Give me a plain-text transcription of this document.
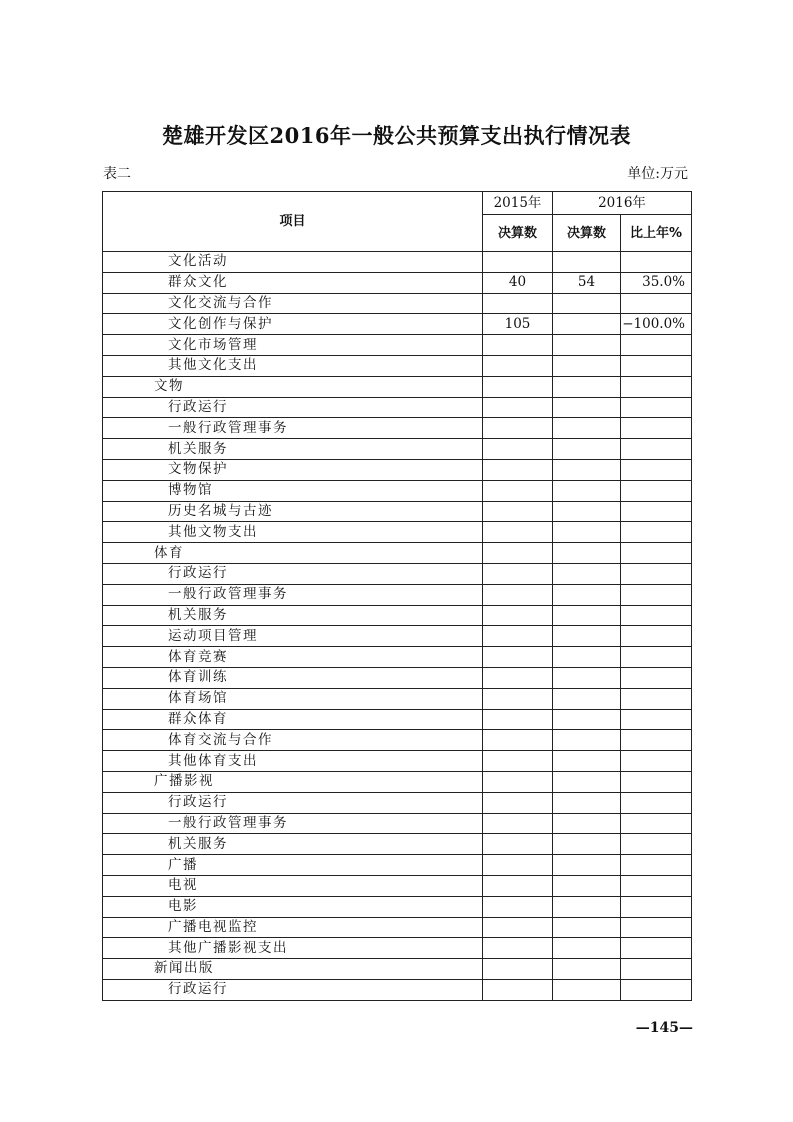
楚雄开发区2016年一般公共预算支出执行情况表
表二	单位:万元
项目	2015年	2016年	
	决算数	决算数	比上年%
文化活动			
群众文化	40	54	35.0%
文化交流与合作			
文化创作与保护	105		−100.0%
文化市场管理			
其他文化支出			
文物			
行政运行			
一般行政管理事务			
机关服务			
文物保护			
博物馆			
历史名城与古迹			
其他文物支出			
体育			
行政运行			
一般行政管理事务			
机关服务			
运动项目管理			
体育竞赛			
体育训练			
体育场馆			
群众体育			
体育交流与合作			
其他体育支出			
广播影视			
行政运行			
一般行政管理事务			
机关服务			
广播			
电视			
电影			
广播电视监控			
其他广播影视支出			
新闻出版			
行政运行			
—145—
